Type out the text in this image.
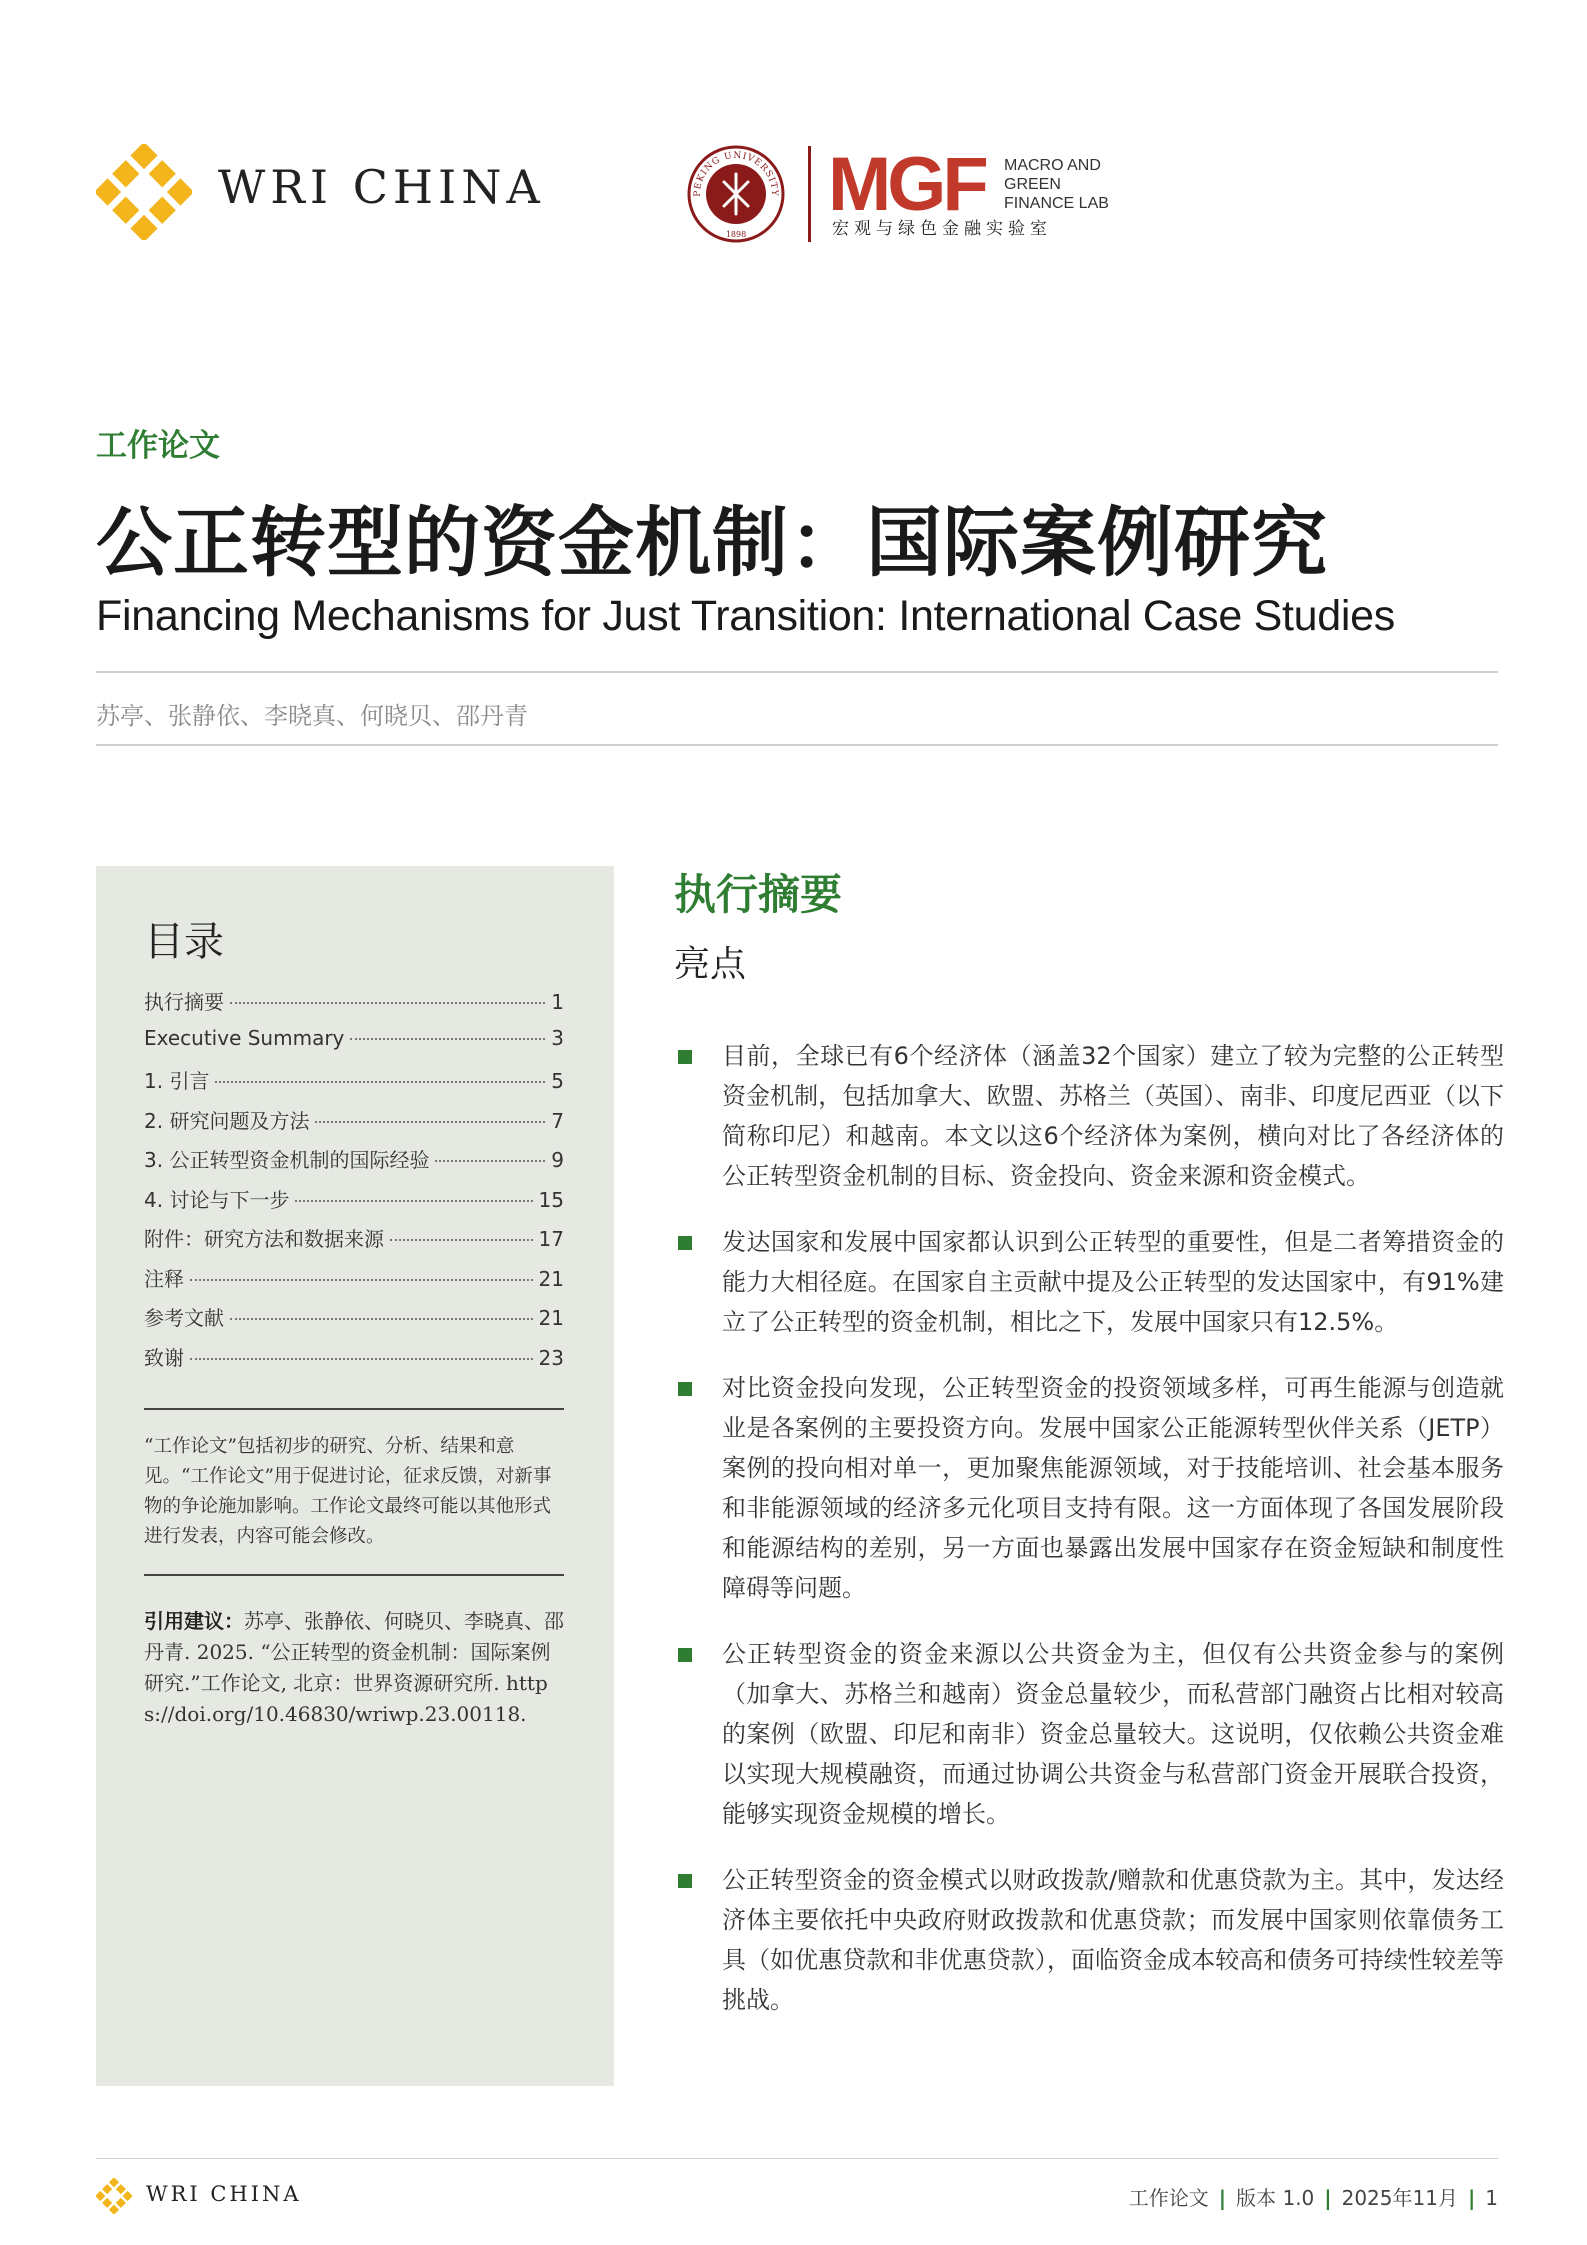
WRI CHINA	PEKING UNIVERSITY
1898
MGF MACRO AND
GREEN
FINANCE LAB
宏观与绿色金融实验室
工作论文
公正转型的资金机制：国际案例研究
Financing Mechanisms for Just Transition: International Case Studies
苏亭、张静依、李晓真、何晓贝、邵丹青
目录
执行摘要	1
Executive Summary	3
1. 引言	5
2. 研究问题及方法	7
3. 公正转型资金机制的国际经验	9
4. 讨论与下一步	15
附件：研究方法和数据来源	17
注释	21
参考文献	21
致谢	23
“工作论文”包括初步的研究、分析、结果和意见。“工作论文”用于促进讨论，征求反馈，对新事物的争论施加影响。工作论文最终可能以其他形式进行发表，内容可能会修改。
引用建议：苏亭、张静依、何晓贝、李晓真、邵丹青. 2025. “公正转型的资金机制：国际案例研究.”工作论文, 北京：世界资源研究所. https://doi.org/10.46830/wriwp.23.00118.
执行摘要
亮点
目前，全球已有6个经济体（涵盖32个国家）建立了较为完整的公正转型资金机制，包括加拿大、欧盟、苏格兰（英国）、南非、印度尼西亚（以下简称印尼）和越南。本文以这6个经济体为案例，横向对比了各经济体的公正转型资金机制的目标、资金投向、资金来源和资金模式。
发达国家和发展中国家都认识到公正转型的重要性，但是二者筹措资金的能力大相径庭。在国家自主贡献中提及公正转型的发达国家中，有91%建立了公正转型的资金机制，相比之下，发展中国家只有12.5%。
对比资金投向发现，公正转型资金的投资领域多样，可再生能源与创造就业是各案例的主要投资方向。发展中国家公正能源转型伙伴关系（JETP）案例的投向相对单一，更加聚焦能源领域，对于技能培训、社会基本服务和非能源领域的经济多元化项目支持有限。这一方面体现了各国发展阶段和能源结构的差别，另一方面也暴露出发展中国家存在资金短缺和制度性障碍等问题。
公正转型资金的资金来源以公共资金为主，但仅有公共资金参与的案例（加拿大、苏格兰和越南）资金总量较少，而私营部门融资占比相对较高的案例（欧盟、印尼和南非）资金总量较大。这说明，仅依赖公共资金难以实现大规模融资，而通过协调公共资金与私营部门资金开展联合投资，能够实现资金规模的增长。
公正转型资金的资金模式以财政拨款/赠款和优惠贷款为主。其中，发达经济体主要依托中央政府财政拨款和优惠贷款；而发展中国家则依靠债务工具（如优惠贷款和非优惠贷款），面临资金成本较高和债务可持续性较差等挑战。
WRI CHINA	工作论文 | 版本 1.0 | 2025年11月 | 1
